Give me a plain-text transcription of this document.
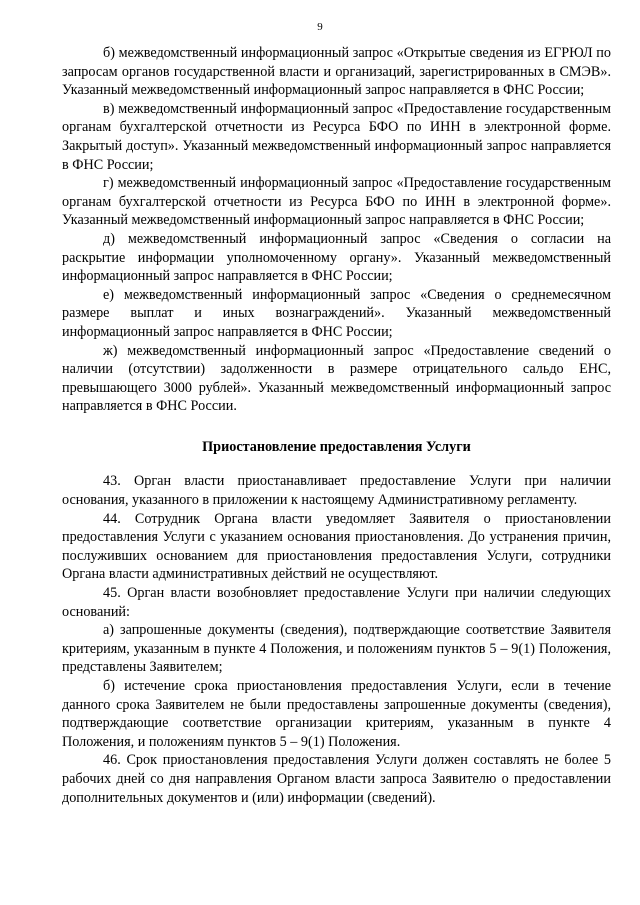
9

б) межведомственный информационный запрос «Открытые сведения из ЕГРЮЛ по запросам органов государственной власти и организаций, зарегистрированных в СМЭВ». Указанный межведомственный информационный запрос направляется в ФНС России;

в) межведомственный информационный запрос «Предоставление государственным органам бухгалтерской отчетности из Ресурса БФО по ИНН в электронной форме. Закрытый доступ». Указанный межведомственный информационный запрос направляется в ФНС России;

г) межведомственный информационный запрос «Предоставление государственным органам бухгалтерской отчетности из Ресурса БФО по ИНН в электронной форме». Указанный межведомственный информационный запрос направляется в ФНС России;

д) межведомственный информационный запрос «Сведения о согласии на раскрытие информации уполномоченному органу». Указанный межведомственный информационный запрос направляется в ФНС России;

е) межведомственный информационный запрос «Сведения о среднемесячном размере выплат и иных вознаграждений». Указанный межведомственный информационный запрос направляется в ФНС России;

ж) межведомственный информационный запрос «Предоставление сведений о наличии (отсутствии) задолженности в размере отрицательного сальдо ЕНС, превышающего 3000 рублей». Указанный межведомственный информационный запрос направляется в ФНС России.

Приостановление предоставления Услуги

43. Орган власти приостанавливает предоставление Услуги при наличии основания, указанного в приложении к настоящему Административному регламенту.

44. Сотрудник Органа власти уведомляет Заявителя о приостановлении предоставления Услуги с указанием основания приостановления. До устранения причин, послуживших основанием для приостановления предоставления Услуги, сотрудники Органа власти административных действий не осуществляют.

45. Орган власти возобновляет предоставление Услуги при наличии следующих оснований:

а) запрошенные документы (сведения), подтверждающие соответствие Заявителя критериям, указанным в пункте 4 Положения, и положениям пунктов 5 – 9(1) Положения, представлены Заявителем;

б) истечение срока приостановления предоставления Услуги, если в течение данного срока Заявителем не были предоставлены запрошенные документы (сведения), подтверждающие соответствие организации критериям, указанным в пункте 4 Положения, и положениям пунктов 5 – 9(1) Положения.

46. Срок приостановления предоставления Услуги должен составлять не более 5 рабочих дней со дня направления Органом власти запроса Заявителю о предоставлении дополнительных документов и (или) информации (сведений).
